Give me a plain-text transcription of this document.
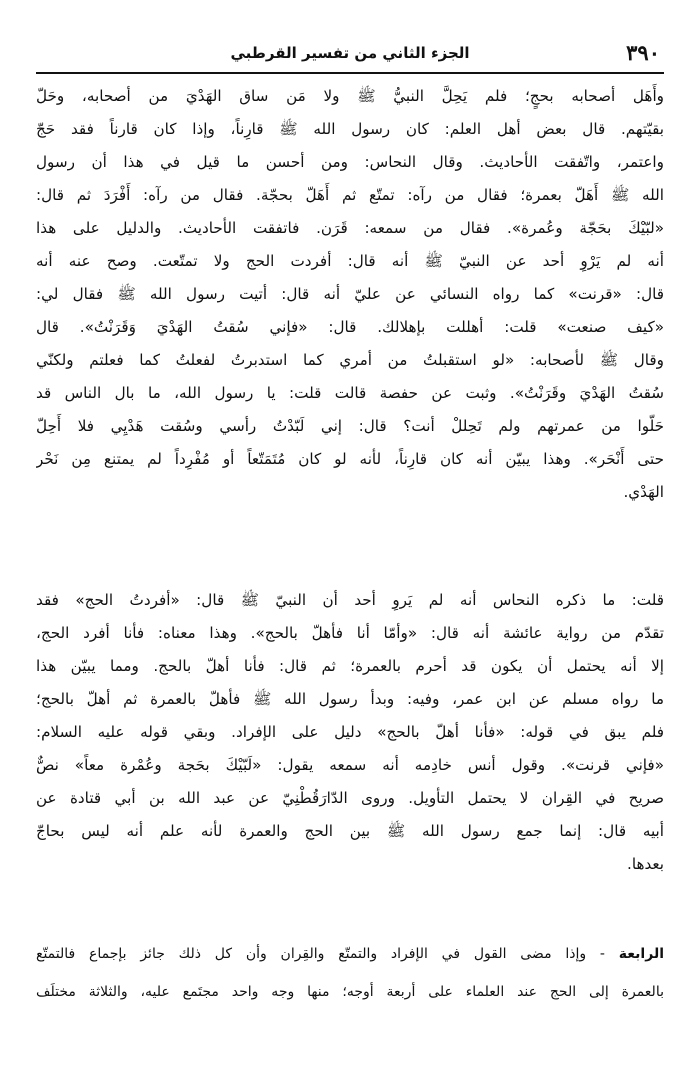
٣٩٠
الجزء الثاني من تفسير القرطبي
وأَهَل أصحابه بحجٍ؛ فلم يَحِلَّ النبيُّ ﷺ ولا مَن ساق الهَدْيَ من أصحابه، وحَلّ
بقيّتهم. قال بعض أهل العلم: كان رسول الله ﷺ قارِناً، وإذا كان قارناً فقد حَجّ
واعتمر، واتّفقت الأحاديث. وقال النحاس: ومن أحسن ما قيل في هذا أن رسول
الله ﷺ أَهَلّ بعمرة؛ فقال من رآه: تمتّع ثم أَهَلّ بحجّة. فقال من رآه: أَفْرَدَ ثم قال:
«لبّيْكَ بحَجّة وعُمرة». فقال من سمعه: قَرَن. فاتفقت الأحاديث. والدليل على هذا
أنه لم يَرْوِ أحد عن النبيّ ﷺ أنه قال: أفردت الحج ولا تمتّعت. وصح عنه أنه
قال: «قرنت» كما رواه النسائي عن عليّ أنه قال: أتيت رسول الله ﷺ فقال لي:
«كيف صنعت» قلت: أهللت بإهلالك. قال: «فإني سُقتُ الهَدْيَ وَقَرَنْتُ». قال
وقال ﷺ لأصحابه: «لو استقبلتُ من أمري كما استدبرتُ لفعلتُ كما فعلتم ولكنّي
سُقتُ الهَدْيَ وقَرَنْتُ». وثبت عن حفصة قالت قلت: يا رسول الله، ما بال الناس قد
حَلّوا من عمرتهم ولم تَحِللْ أنت؟ قال: إني لَبّدْتُ رأسي وسُقت هَدْيِي فلا أَحِلّ
حتى أَنْحَر». وهذا يبيّن أنه كان قارِناً، لأنه لو كان مُتَمَتّعاً أو مُفْرِداً لم يمتنع مِن نَحْر
الهَدْي.
قلت: ما ذكره النحاس أنه لم يَروِ أحد أن النبيّ ﷺ قال: «أفردتُ الحج» فقد
تقدّم من رواية عائشة أنه قال: «وأمّا أنا فأهلّ بالحج». وهذا معناه: فأنا أفرد الحج،
إلا أنه يحتمل أن يكون قد أحرم بالعمرة؛ ثم قال: فأنا أهلّ بالحج. ومما يبيّن هذا
ما رواه مسلم عن ابن عمر، وفيه: وبدأ رسول الله ﷺ فأهلّ بالعمرة ثم أهلّ بالحج؛
فلم يبق في قوله: «فأنا أهلّ بالحج» دليل على الإفراد. وبقي قوله عليه السلام:
«فإني قرنت». وقول أنس خادِمه أنه سمعه يقول: «لَبّيْكَ بحَجة وعُمْرة معاً» نصٌّ
صريح في القِران لا يحتمل التأويل. وروى الدّارَقُطْنِيّ عن عبد الله بن أبي قتادة عن
أبيه قال: إنما جمع رسول الله ﷺ بين الحج والعمرة لأنه علم أنه ليس بحاجّ
بعدها.
الرابعة - وإذا مضى القول في الإفراد والتمتّع والقِران وأن كل ذلك جائز بإجماع فالتمتّع
بالعمرة إلى الحج عند العلماء على أربعة أوجه؛ منها وجه واحد مجتَمع عليه، والثلاثة مختلَف
